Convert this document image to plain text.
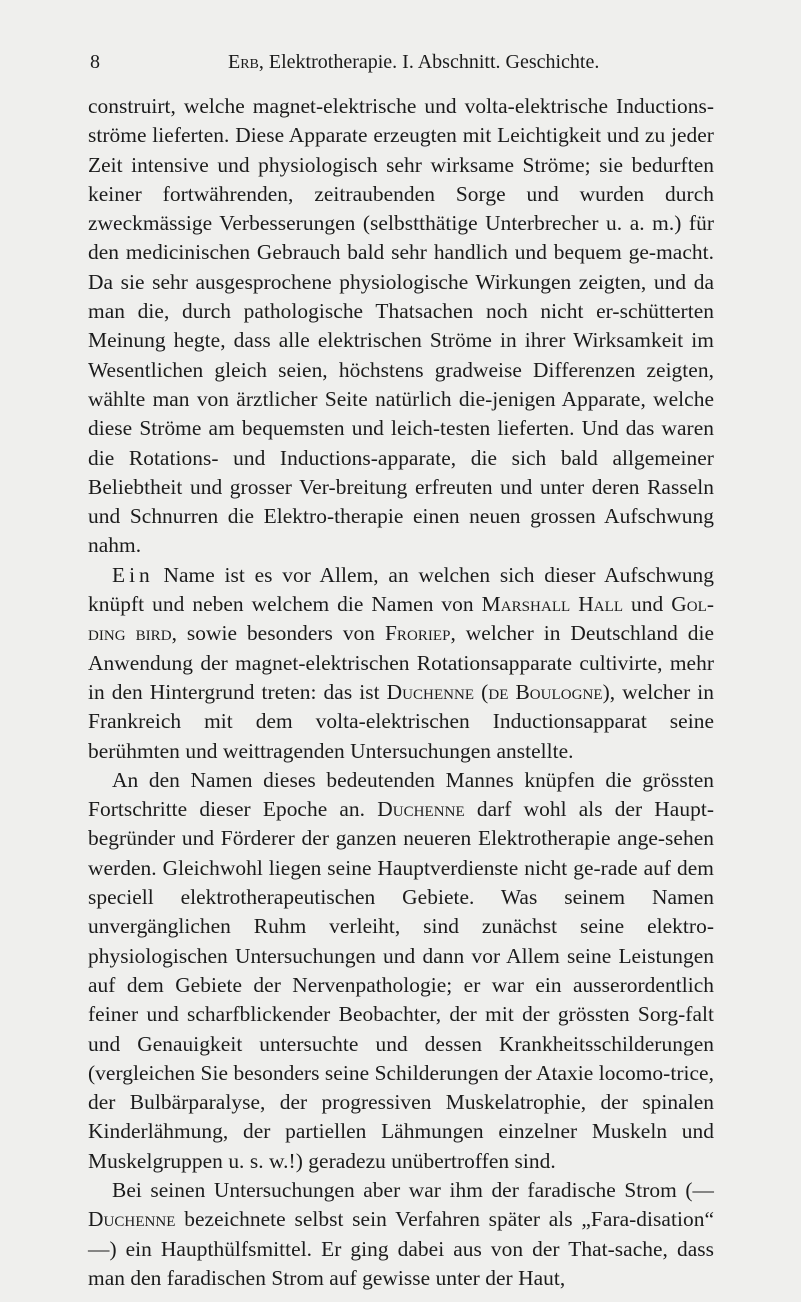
8	Erb, Elektrotherapie. I. Abschnitt. Geschichte.

construirt, welche magnet-elektrische und volta-elektrische Inductions-ströme lieferten. Diese Apparate erzeugten mit Leichtigkeit und zu jeder Zeit intensive und physiologisch sehr wirksame Ströme; sie bedurften keiner fortwährenden, zeitraubenden Sorge und wurden durch zweckmässige Verbesserungen (selbstthätige Unterbrecher u. a. m.) für den medicinischen Gebrauch bald sehr handlich und bequem ge-macht. Da sie sehr ausgesprochene physiologische Wirkungen zeigten, und da man die, durch pathologische Thatsachen noch nicht er-schütterten Meinung hegte, dass alle elektrischen Ströme in ihrer Wirksamkeit im Wesentlichen gleich seien, höchstens gradweise Differenzen zeigten, wählte man von ärztlicher Seite natürlich die-jenigen Apparate, welche diese Ströme am bequemsten und leich-testen lieferten. Und das waren die Rotations- und Inductions-apparate, die sich bald allgemeiner Beliebtheit und grosser Ver-breitung erfreuten und unter deren Rasseln und Schnurren die Elektro-therapie einen neuen grossen Aufschwung nahm.

Ein Name ist es vor Allem, an welchen sich dieser Aufschwung knüpft und neben welchem die Namen von Marshall Hall und Gol-ding bird, sowie besonders von Froriep, welcher in Deutschland die Anwendung der magnet-elektrischen Rotationsapparate cultivirte, mehr in den Hintergrund treten: das ist Duchenne (de Boulogne), welcher in Frankreich mit dem volta-elektrischen Inductionsapparat seine berühmten und weittragenden Untersuchungen anstellte.

An den Namen dieses bedeutenden Mannes knüpfen die grössten Fortschritte dieser Epoche an. Duchenne darf wohl als der Haupt-begründer und Förderer der ganzen neueren Elektrotherapie ange-sehen werden. Gleichwohl liegen seine Hauptverdienste nicht ge-rade auf dem speciell elektrotherapeutischen Gebiete. Was seinem Namen unvergänglichen Ruhm verleiht, sind zunächst seine elektro-physiologischen Untersuchungen und dann vor Allem seine Leistungen auf dem Gebiete der Nervenpathologie; er war ein ausserordentlich feiner und scharfblickender Beobachter, der mit der grössten Sorg-falt und Genauigkeit untersuchte und dessen Krankheitsschilderungen (vergleichen Sie besonders seine Schilderungen der Ataxie locomo-trice, der Bulbärparalyse, der progressiven Muskelatrophie, der spinalen Kinderlähmung, der partiellen Lähmungen einzelner Muskeln und Muskelgruppen u. s. w.!) geradezu unübertroffen sind.

Bei seinen Untersuchungen aber war ihm der faradische Strom (— Duchenne bezeichnete selbst sein Verfahren später als „Fara-disation“ —) ein Haupthülfsmittel. Er ging dabei aus von der That-sache, dass man den faradischen Strom auf gewisse unter der Haut,
